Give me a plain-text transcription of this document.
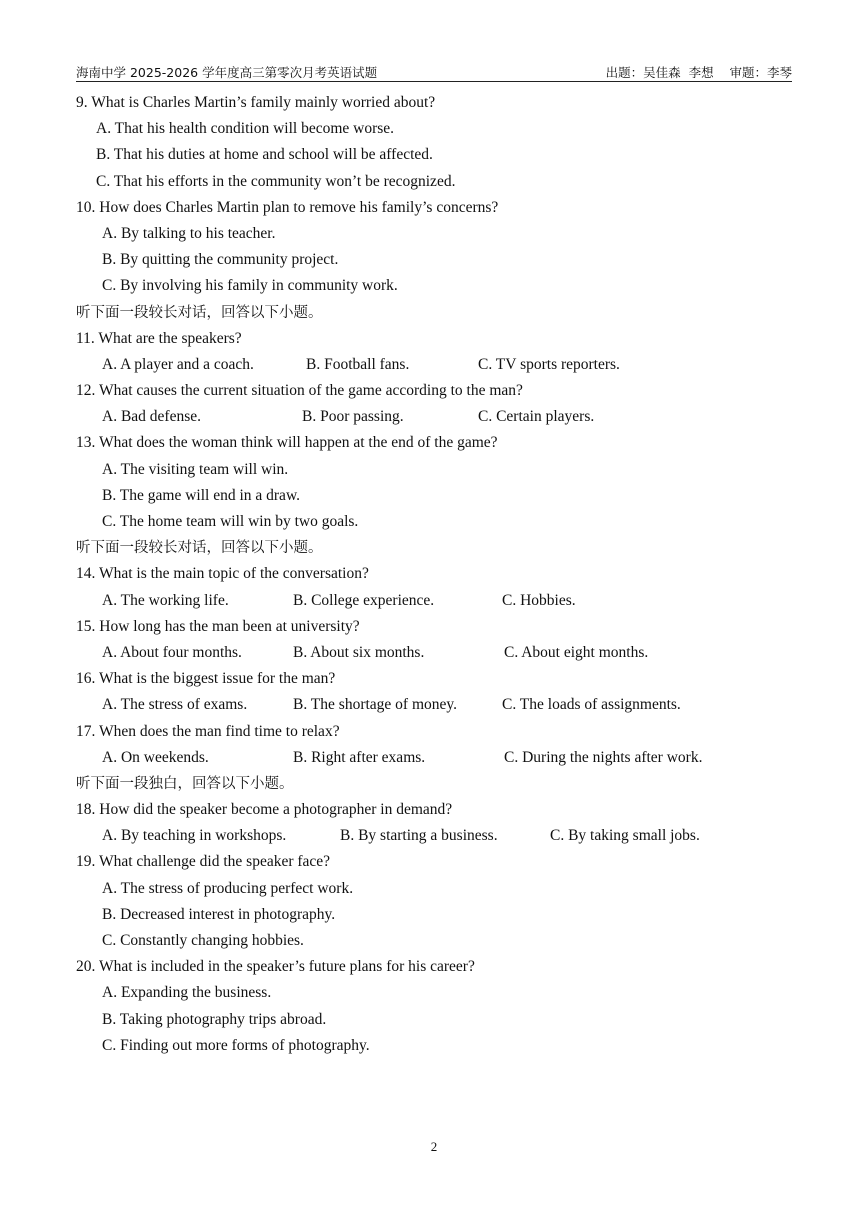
海南中学 2025-2026 学年度高三第零次月考英语试题	出题：吴佳森  李想    审题：李琴
9. What is Charles Martin’s family mainly worried about?
A. That his health condition will become worse.
B. That his duties at home and school will be affected.
C. That his efforts in the community won’t be recognized.
10. How does Charles Martin plan to remove his family’s concerns?
A. By talking to his teacher.
B. By quitting the community project.
C. By involving his family in community work.
听下面一段较长对话，回答以下小题。
11. What are the speakers?
A. A player and a coach.	B. Football fans.	C. TV sports reporters.
12. What causes the current situation of the game according to the man?
A. Bad defense.	B. Poor passing.	C. Certain players.
13. What does the woman think will happen at the end of the game?
A. The visiting team will win.
B. The game will end in a draw.
C. The home team will win by two goals.
听下面一段较长对话，回答以下小题。
14. What is the main topic of the conversation?
A. The working life.	B. College experience.	C. Hobbies.
15. How long has the man been at university?
A. About four months.	B. About six months.	C. About eight months.
16. What is the biggest issue for the man?
A. The stress of exams.	B. The shortage of money.	C. The loads of assignments.
17. When does the man find time to relax?
A. On weekends.	B. Right after exams.	C. During the nights after work.
听下面一段独白，回答以下小题。
18. How did the speaker become a photographer in demand?
A. By teaching in workshops.	B. By starting a business.	C. By taking small jobs.
19. What challenge did the speaker face?
A. The stress of producing perfect work.
B. Decreased interest in photography.
C. Constantly changing hobbies.
20. What is included in the speaker’s future plans for his career?
A. Expanding the business.
B. Taking photography trips abroad.
C. Finding out more forms of photography.
2
